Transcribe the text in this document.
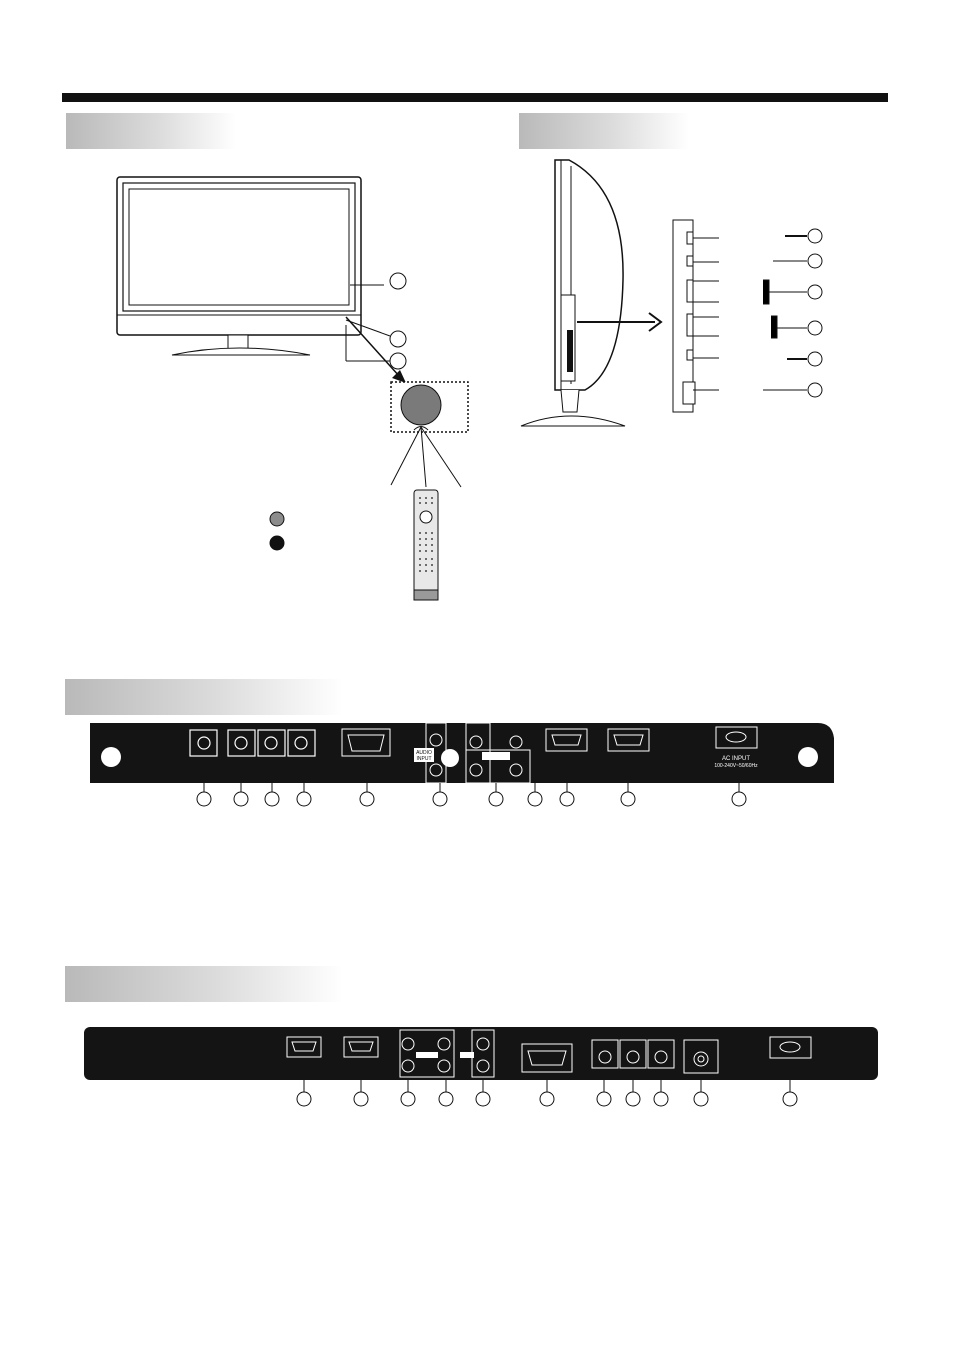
AUDIO
INPUT	AC INPUT
100-240V~50/60Hz
